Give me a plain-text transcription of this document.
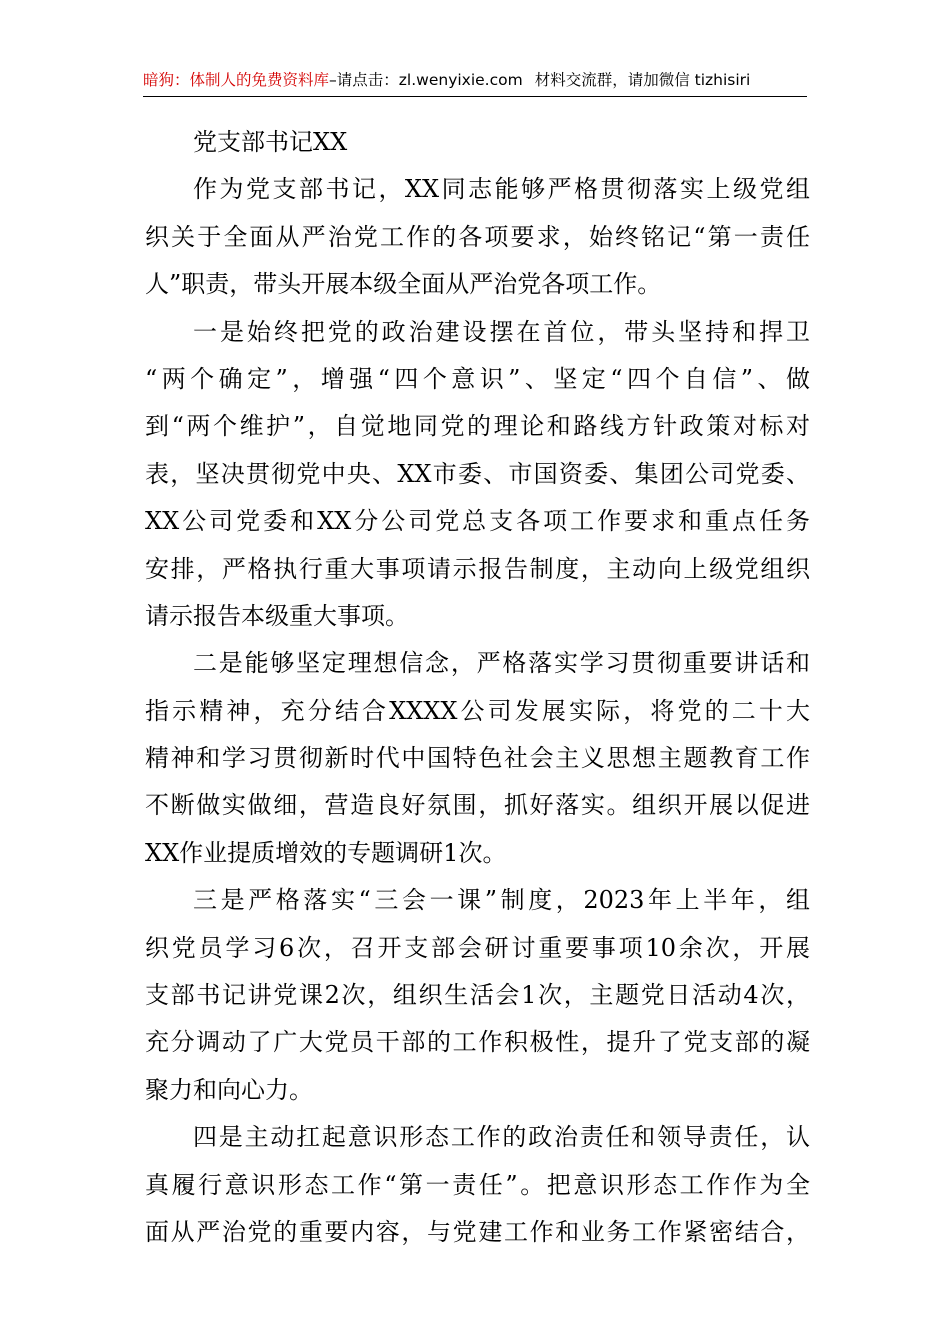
暗狗：体制人的免费资料库–请点击：zl.wenyixie.com 材料交流群，请加微信 tizhisiri
党支部书记XX
作为党支部书记，XX同志能够严格贯彻落实上级党组
织关于全面从严治党工作的各项要求，始终铭记“第一责任
人”职责，带头开展本级全面从严治党各项工作。
一是始终把党的政治建设摆在首位，带头坚持和捍卫
“两个确定”，增强“四个意识”、坚定“四个自信”、做
到“两个维护”，自觉地同党的理论和路线方针政策对标对
表，坚决贯彻党中央、XX市委、市国资委、集团公司党委、
XX公司党委和XX分公司党总支各项工作要求和重点任务
安排，严格执行重大事项请示报告制度，主动向上级党组织
请示报告本级重大事项。
二是能够坚定理想信念，严格落实学习贯彻重要讲话和
指示精神，充分结合XXXX公司发展实际，将党的二十大
精神和学习贯彻新时代中国特色社会主义思想主题教育工作
不断做实做细，营造良好氛围，抓好落实。组织开展以促进
XX作业提质增效的专题调研1次。
三是严格落实“三会一课”制度，2023年上半年，组
织党员学习6次，召开支部会研讨重要事项10余次，开展
支部书记讲党课2次，组织生活会1次，主题党日活动4次，
充分调动了广大党员干部的工作积极性，提升了党支部的凝
聚力和向心力。
四是主动扛起意识形态工作的政治责任和领导责任，认
真履行意识形态工作“第一责任”。把意识形态工作作为全
面从严治党的重要内容，与党建工作和业务工作紧密结合，
